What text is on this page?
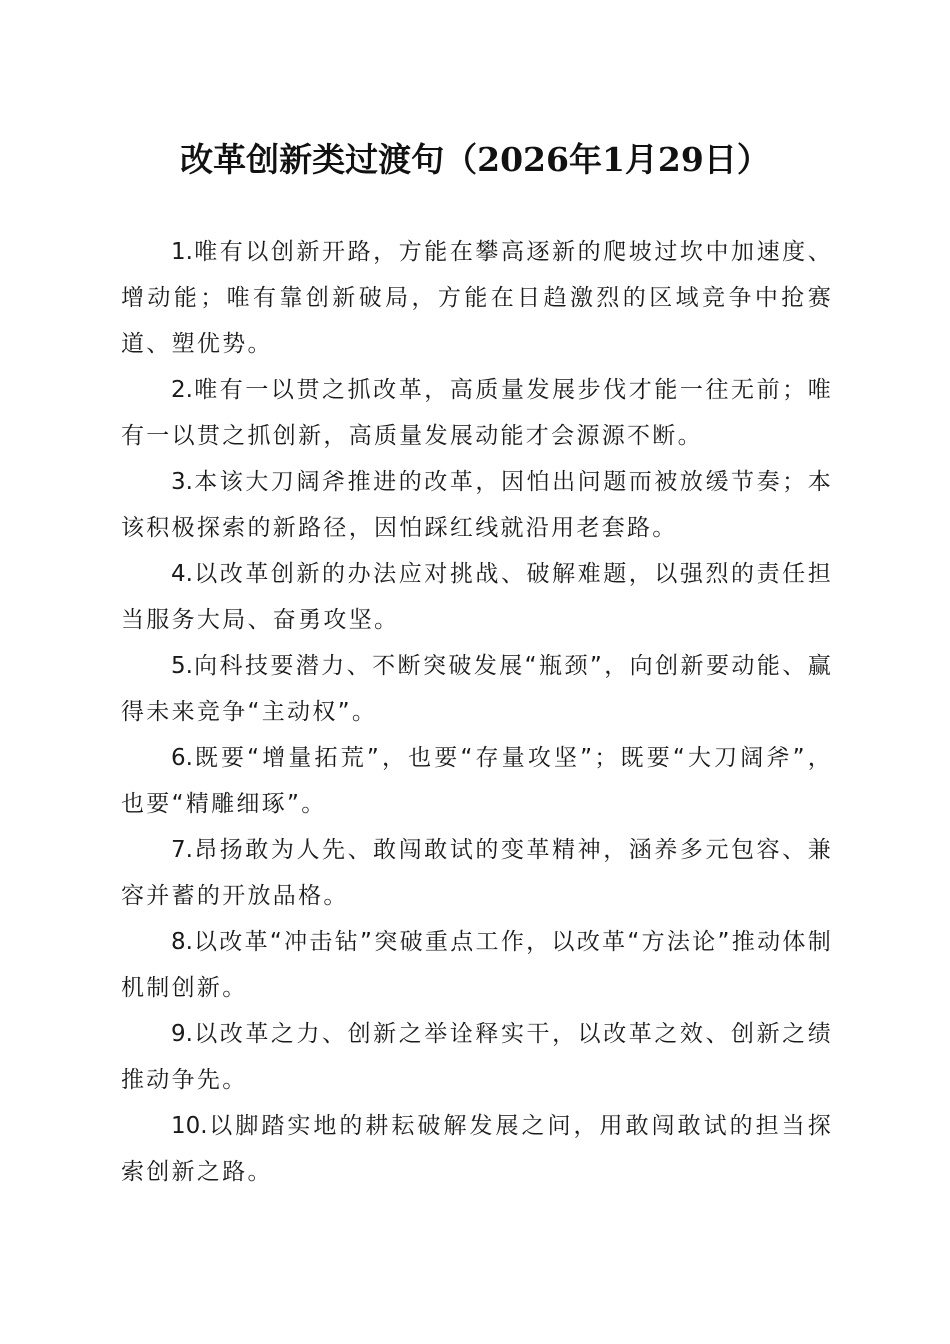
改革创新类过渡句（2026年1月29日）

1.唯有以创新开路，方能在攀高逐新的爬坡过坎中加速度、增动能；唯有靠创新破局，方能在日趋激烈的区域竞争中抢赛道、塑优势。

2.唯有一以贯之抓改革，高质量发展步伐才能一往无前；唯有一以贯之抓创新，高质量发展动能才会源源不断。

3.本该大刀阔斧推进的改革，因怕出问题而被放缓节奏；本该积极探索的新路径，因怕踩红线就沿用老套路。

4.以改革创新的办法应对挑战、破解难题，以强烈的责任担当服务大局、奋勇攻坚。

5.向科技要潜力、不断突破发展“瓶颈”，向创新要动能、赢得未来竞争“主动权”。

6.既要“增量拓荒”，也要“存量攻坚”；既要“大刀阔斧”，也要“精雕细琢”。

7.昂扬敢为人先、敢闯敢试的变革精神，涵养多元包容、兼容并蓄的开放品格。

8.以改革“冲击钻”突破重点工作，以改革“方法论”推动体制机制创新。

9.以改革之力、创新之举诠释实干，以改革之效、创新之绩推动争先。

10.以脚踏实地的耕耘破解发展之问，用敢闯敢试的担当探索创新之路。
